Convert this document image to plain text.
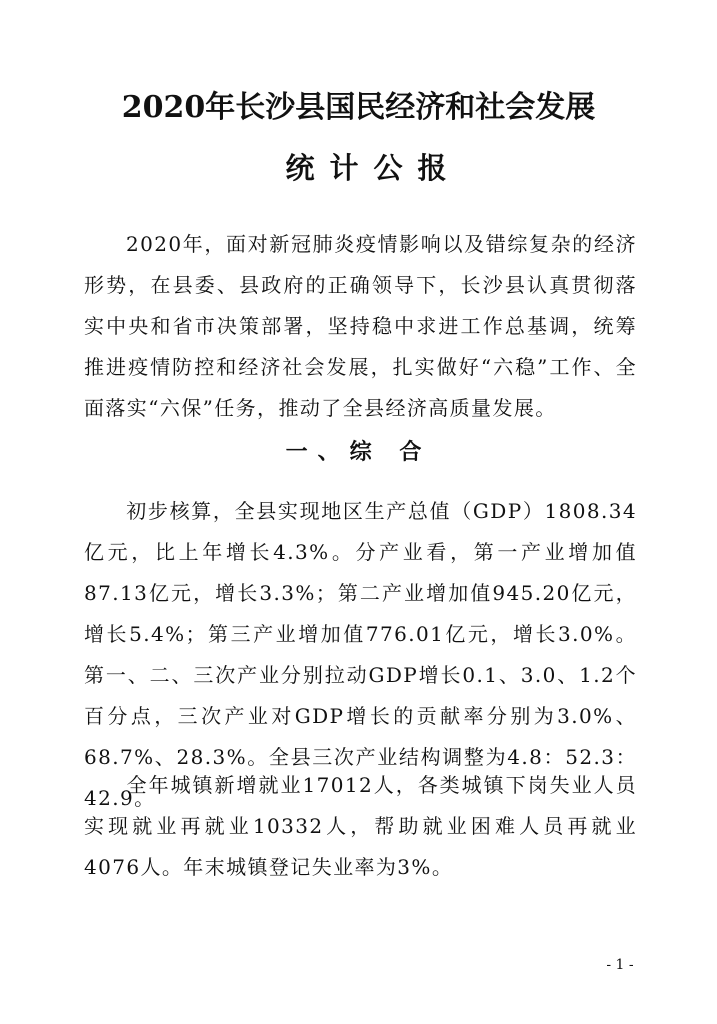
2020年长沙县国民经济和社会发展
统计公报

2020年，面对新冠肺炎疫情影响以及错综复杂的经济形势，在县委、县政府的正确领导下，长沙县认真贯彻落实中央和省市决策部署，坚持稳中求进工作总基调，统筹推进疫情防控和经济社会发展，扎实做好“六稳”工作、全面落实“六保”任务，推动了全县经济高质量发展。

一、综 合

初步核算，全县实现地区生产总值（GDP）1808.34亿元，比上年增长4.3%。分产业看，第一产业增加值87.13亿元，增长3.3%；第二产业增加值945.20亿元，增长5.4%；第三产业增加值776.01亿元，增长3.0%。第一、二、三次产业分别拉动GDP增长0.1、3.0、1.2个百分点，三次产业对GDP增长的贡献率分别为3.0%、68.7%、28.3%。全县三次产业结构调整为4.8：52.3：42.9。

全年城镇新增就业17012人，各类城镇下岗失业人员实现就业再就业10332人，帮助就业困难人员再就业4076人。年末城镇登记失业率为3%。

- 1 -
